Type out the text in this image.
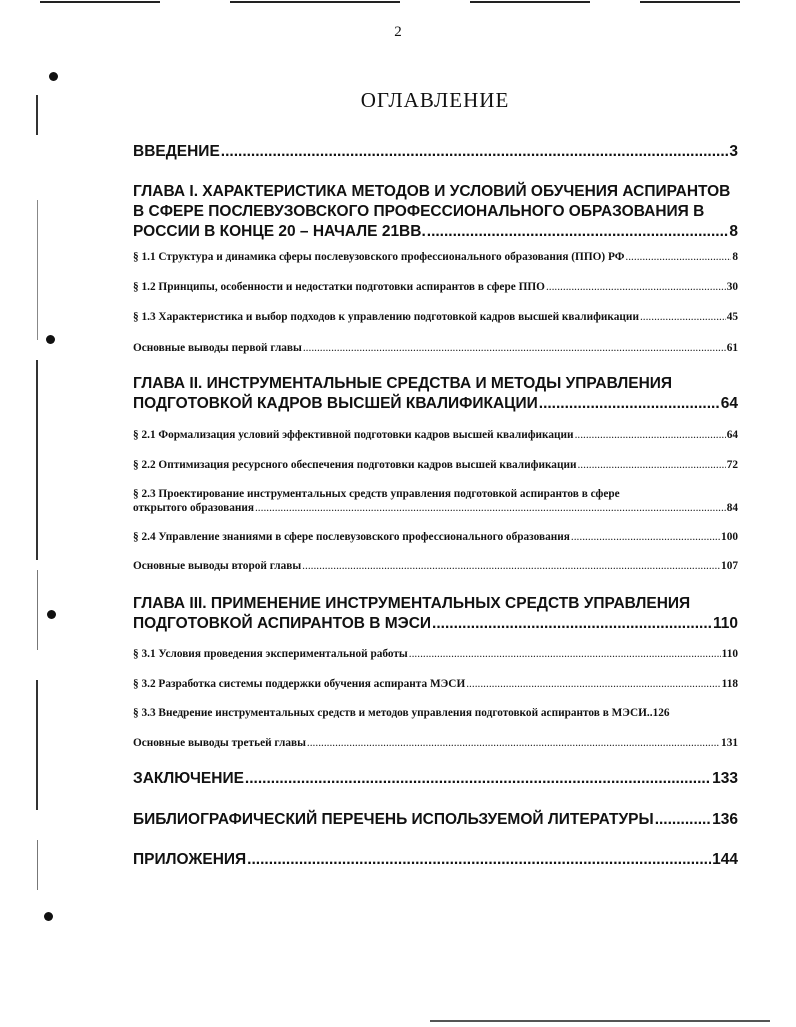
2
ОГЛАВЛЕНИЕ
ВВЕДЕНИЕ .....	3
ГЛАВА I. ХАРАКТЕРИСТИКА МЕТОДОВ И УСЛОВИЙ ОБУЧЕНИЯ АСПИРАНТОВ В СФЕРЕ ПОСЛЕВУЗОВСКОГО ПРОФЕССИОНАЛЬНОГО ОБРАЗОВАНИЯ В
РОССИИ В КОНЦЕ 20 – НАЧАЛЕ 21ВВ. .....	8
§ 1.1 Структура и динамика сферы послевузовского профессионального образования (ППО) РФ .....	8
§ 1.2 Принципы, особенности и недостатки подготовки аспирантов в сфере ППО .....	30
§ 1.3 Характеристика и выбор подходов к управлению подготовкой кадров высшей квалификации .....	45
Основные выводы первой главы .....	61
ГЛАВА II. ИНСТРУМЕНТАЛЬНЫЕ СРЕДСТВА И МЕТОДЫ УПРАВЛЕНИЯ
ПОДГОТОВКОЙ КАДРОВ ВЫСШЕЙ КВАЛИФИКАЦИИ .....	64
§ 2.1 Формализация условий эффективной подготовки кадров высшей квалификации .....	64
§ 2.2 Оптимизация ресурсного обеспечения подготовки кадров высшей квалификации .....	72
§ 2.3 Проектирование инструментальных средств управления подготовкой аспирантов в сфере
открытого образования .....	84
§ 2.4 Управление знаниями в сфере послевузовского профессионального образования .....	100
Основные выводы второй главы .....	107
ГЛАВА III. ПРИМЕНЕНИЕ ИНСТРУМЕНТАЛЬНЫХ СРЕДСТВ УПРАВЛЕНИЯ
ПОДГОТОВКОЙ АСПИРАНТОВ В МЭСИ .....	110
§ 3.1 Условия проведения экспериментальной работы .....	110
§ 3.2 Разработка системы поддержки обучения аспиранта МЭСИ .....	118
§ 3.3 Внедрение инструментальных средств и методов управления подготовкой аспирантов в МЭСИ.. 126
Основные выводы третьей главы .....	131
ЗАКЛЮЧЕНИЕ .....	133
БИБЛИОГРАФИЧЕСКИЙ ПЕРЕЧЕНЬ ИСПОЛЬЗУЕМОЙ ЛИТЕРАТУРЫ .....	136
ПРИЛОЖЕНИЯ .....	144
